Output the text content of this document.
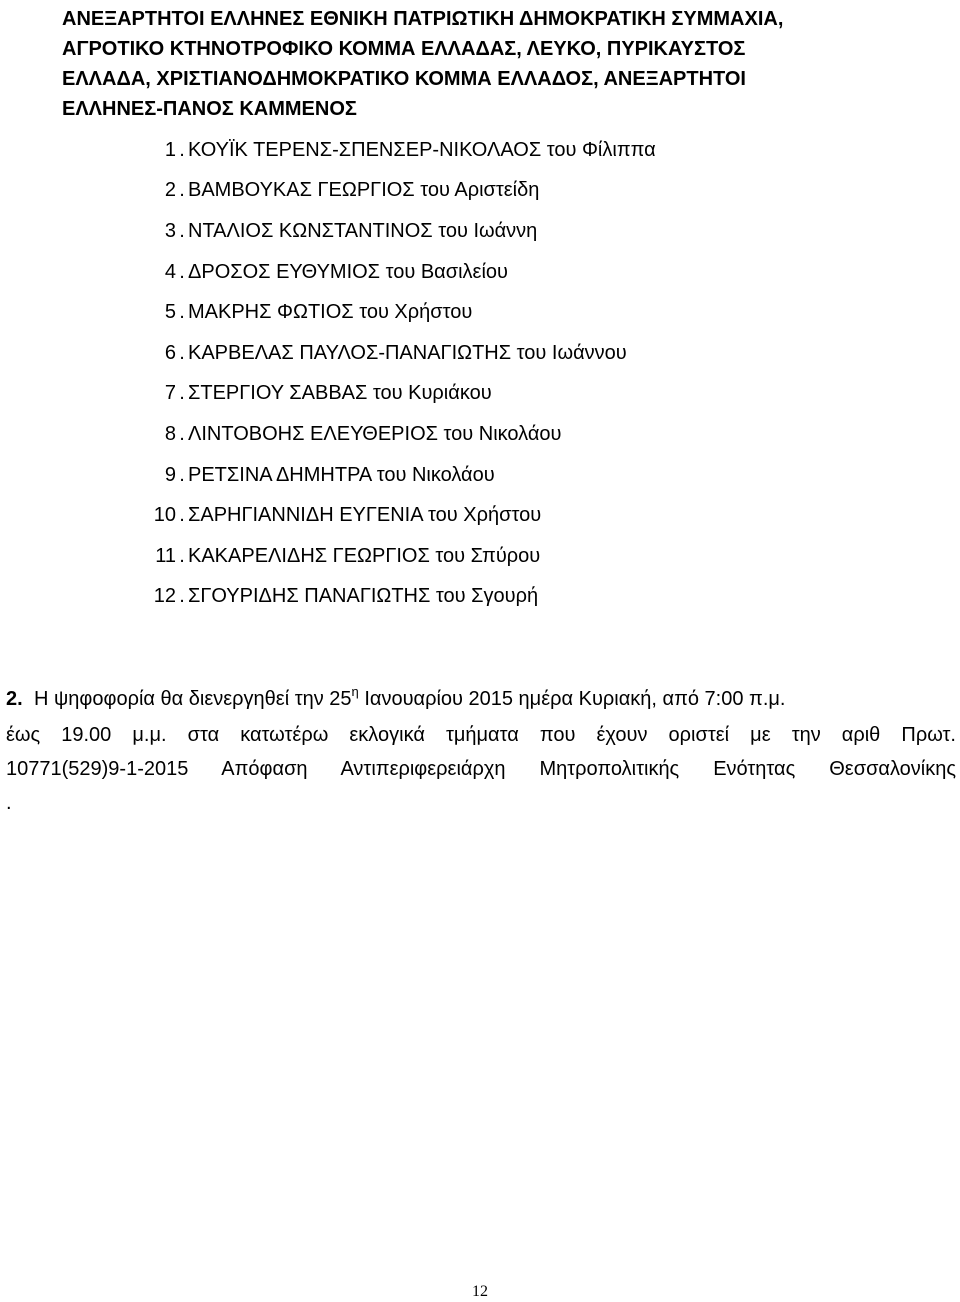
ΑΝΕΞΑΡΤΗΤΟΙ ΕΛΛΗΝΕΣ ΕΘΝΙΚΗ ΠΑΤΡΙΩΤΙΚΗ ΔΗΜΟΚΡΑΤΙΚΗ ΣΥΜΜΑΧΙΑ,
ΑΓΡΟΤΙΚΟ ΚΤΗΝΟΤΡΟΦΙΚΟ ΚΟΜΜΑ ΕΛΛΑΔΑΣ, ΛΕΥΚΟ, ΠΥΡΙΚΑΥΣΤΟΣ
ΕΛΛΑΔΑ, ΧΡΙΣΤΙΑΝΟΔΗΜΟΚΡΑΤΙΚΟ ΚΟΜΜΑ ΕΛΛΑΔΟΣ, ΑΝΕΞΑΡΤΗΤΟΙ
ΕΛΛΗΝΕΣ-ΠΑΝΟΣ ΚΑΜΜΕΝΟΣ
1 . ΚΟΥΪΚ ΤΕΡΕΝΣ-ΣΠΕΝΣΕΡ-ΝΙΚΟΛΑΟΣ του Φίλιππα
2 . ΒΑΜΒΟΥΚΑΣ ΓΕΩΡΓΙΟΣ του Αριστείδη
3 . ΝΤΑΛΙΟΣ ΚΩΝΣΤΑΝΤΙΝΟΣ του Ιωάννη
4 . ΔΡΟΣΟΣ ΕΥΘΥΜΙΟΣ του Βασιλείου
5 . ΜΑΚΡΗΣ ΦΩΤΙΟΣ του Χρήστου
6 . ΚΑΡΒΕΛΑΣ ΠΑΥΛΟΣ-ΠΑΝΑΓΙΩΤΗΣ του Ιωάννου
7 . ΣΤΕΡΓΙΟΥ ΣΑΒΒΑΣ του Κυριάκου
8 . ΛΙΝΤΟΒΟΗΣ ΕΛΕΥΘΕΡΙΟΣ του Νικολάου
9 . ΡΕΤΣΙΝΑ ΔΗΜΗΤΡΑ του Νικολάου
10 . ΣΑΡΗΓΙΑΝΝΙΔΗ ΕΥΓΕΝΙΑ του Χρήστου
11 . ΚΑΚΑΡΕΛΙΔΗΣ ΓΕΩΡΓΙΟΣ του Σπύρου
12 . ΣΓΟΥΡΙΔΗΣ ΠΑΝΑΓΙΩΤΗΣ του Σγουρή
2. Η ψηφοφορία θα διενεργηθεί την $25^\eta$ Ιανουαρίου 2015 ημέρα Κυριακή, από 7:00 π.μ.
έως 19.00 μ.μ. στα κατωτέρω εκλογικά τμήματα που έχουν οριστεί με την αριθ Πρωτ.
10771(529)9-1-2015 Απόφαση Αντιπεριφερειάρχη Μητροπολιτικής Ενότητας Θεσσαλονίκης
.
12
